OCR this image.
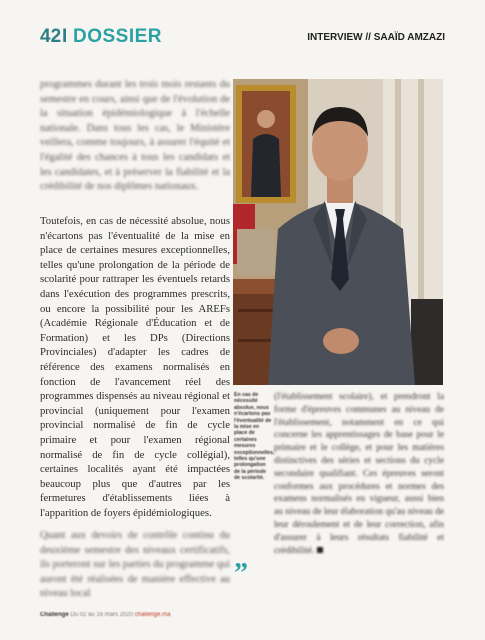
42 I DOSSIER	INTERVIEW // SAAÏD AMZAZI
programmes durant les trois mois restants du semestre en cours, ainsi que de l'évolution de la situation épidémiologique à l'échelle nationale. Dans tous les cas, le Ministère veillera, comme toujours, à assurer l'équité et l'égalité des chances à tous les candidats et les candidates, et à préserver la fiabilité et la crédibilité de nos diplômes nationaux.
Toutefois, en cas de nécessité absolue, nous n'écartons pas l'éventualité de la mise en place de certaines mesures exceptionnelles, telles qu'une prolongation de la période de scolarité pour rattraper les éventuels retards dans l'exécution des programmes prescrits, ou encore la possibilité pour les AREFs (Académie Régionale d'Éducation et de Formation) et les DPs (Directions Provinciales) d'adapter les cadres de référence des examens normalisés en fonction de l'avancement réel des programmes dispensés au niveau régional et provincial (uniquement pour l'examen provincial normalisé de fin de cycle primaire et pour l'examen régional normalisé de fin de cycle collégial), certaines localités ayant été impactées beaucoup plus que d'autres par les fermetures d'établissements liées à l'apparition de foyers épidémiologiques.
Quant aux devoirs de contrôle continu du deuxième semestre des niveaux certificatifs, ils porteront sur les parties du programme qui auront été réalisées de manière effective au niveau local
En cas de nécessité absolue, nous n'écartons pas l'éventualité de la mise en place de certaines mesures exceptionnelles, telles qu'une prolongation de la période de scolarité.
”
(l'établissement scolaire), et prendront la forme d'épreuves communes au niveau de l'établissement, notamment en ce qui concerne les apprentissages de base pour le primaire et le collège, et pour les matières distinctives des séries et sections du cycle secondaire qualifiant. Ces épreuves seront conformes aux procédures et normes des examens normalisés en vigueur, aussi bien au niveau de leur élaboration qu'au niveau de leur déroulement et de leur correction, afin d'assurer à leurs résultats fiabilité et crédibilité.
Challenge Du 02 au 16 mars 2020 challenge.ma
